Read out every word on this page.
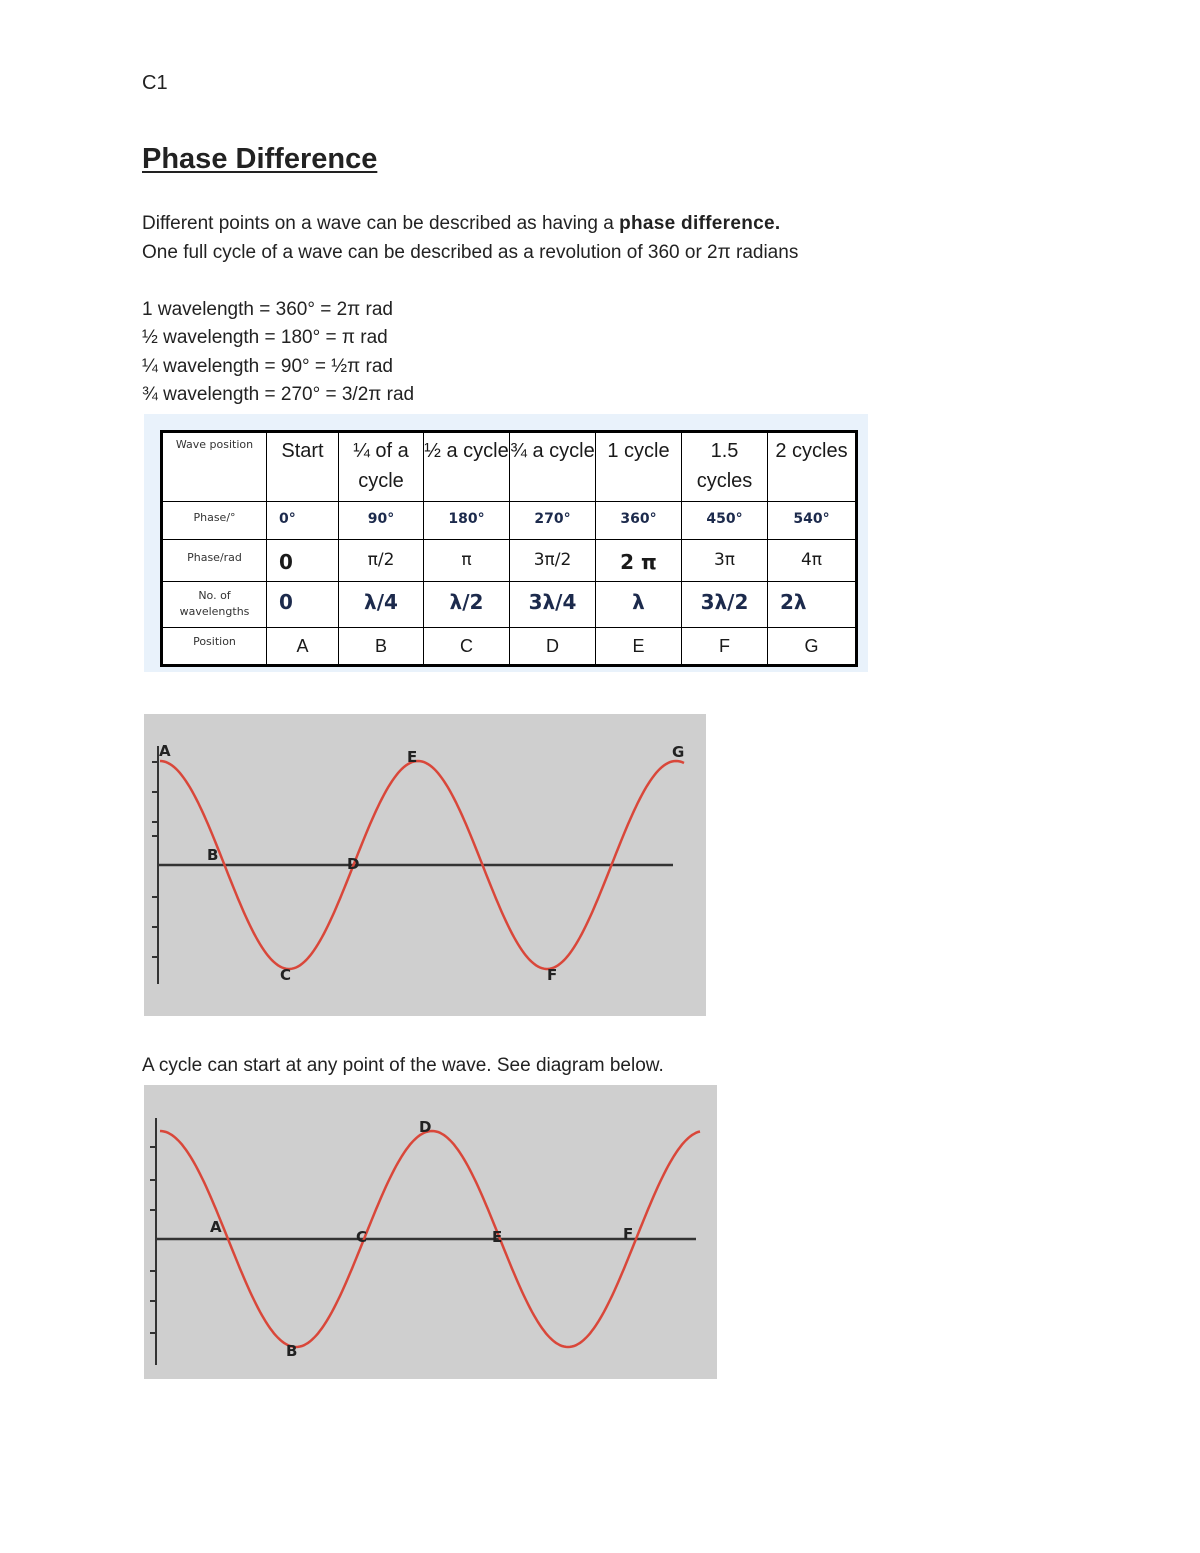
C1
Phase Difference
Different points on a wave can be described as having a phase difference.
One full cycle of a wave can be described as a revolution of 360 or 2π radians
1 wavelength = 360° = 2π rad
½ wavelength = 180° = π rad
¼ wavelength = 90° = ½π rad
¾ wavelength = 270° = 3/2π rad
Wave position	Start	¼ of a cycle	½ a cycle	¾ a cycle	1 cycle	1.5 cycles	2 cycles
Phase/°	0°	90°	180°	270°	360°	450°	540°
Phase/rad	0	π/2	π	3π/2	2 π	3π	4π
No. of wavelengths	0	λ/4	λ/2	3λ/4	λ	3λ/2	2λ
Position	A	B	C	D	E	F	G
A
B
C
D
E
F
G
A cycle can start at any point of the wave. See diagram below.
A
B
C
D
E	F
